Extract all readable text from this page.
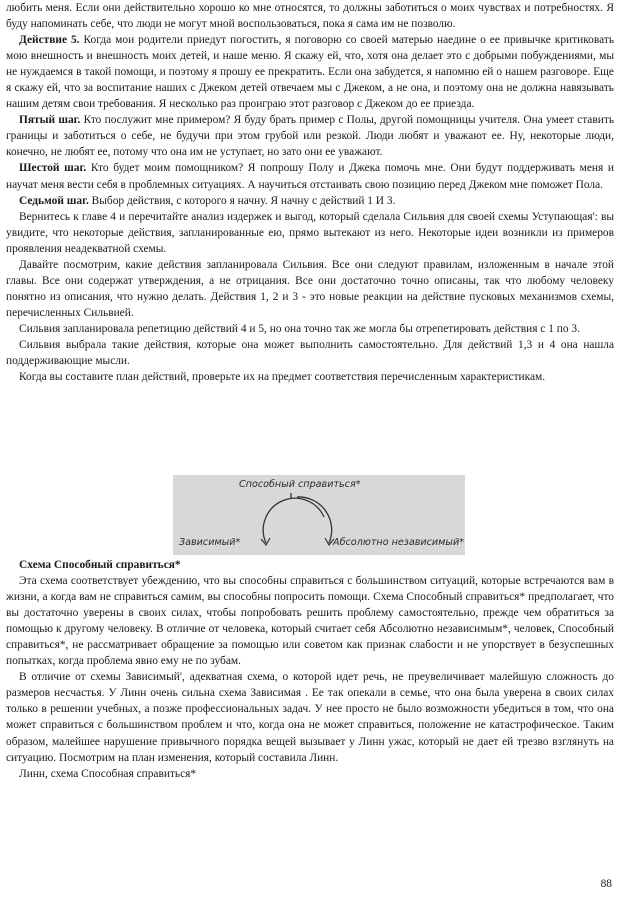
любить меня. Если они действительно хорошо ко мне относятся, то должны заботиться о моих чувствах и потребностях. Я буду напоминать себе, что люди не могут мной воспользоваться, пока я сама им не позволю.

Действие 5. Когда мои родители приедут погостить, я поговорю со своей матерью наедине о ее привычке критиковать мою внешность и внешность моих детей, и наше меню. Я скажу ей, что, хотя она делает это с добрыми побуждениями, мы не нуждаемся в такой помощи, и поэтому я прошу ее прекратить. Если она забудется, я напомню ей о нашем разговоре. Еще я скажу ей, что за воспитание наших с Джеком детей отвечаем мы с Джеком, а не она, и поэтому она не должна навязывать нашим детям свои требования. Я несколько раз проиграю этот разговор с Джеком до ее приезда.

Пятый шаг. Кто послужит мне примером? Я буду брать пример с Полы, другой помощницы учителя. Она умеет ставить границы и заботиться о себе, не будучи при этом грубой или резкой. Люди любят и уважают ее. Ну, некоторые люди, конечно, не любят ее, потому что она им не уступает, но зато они ее уважают.

Шестой шаг. Кто будет моим помощником? Я попрошу Полу и Джека помочь мне. Они будут поддерживать меня и научат меня вести себя в проблемных ситуациях. А научиться отстаивать свою позицию перед Джеком мне поможет Пола.

Седьмой шаг. Выбор действия, с которого я начну. Я начну с действий 1 И 3.

Вернитесь к главе 4 и перечитайте анализ издержек и выгод, который сделала Сильвия для своей схемы Уступающая': вы увидите, что некоторые действия, запланированные ею, прямо вытекают из него. Некоторые идеи возникли из примеров проявления неадекватной схемы.

Давайте посмотрим, какие действия запланировала Сильвия. Все они следуют правилам, изложенным в начале этой главы. Все они содержат утверждения, а не отрицания. Все они достаточно точно описаны, так что любому человеку понятно из описания, что нужно делать. Действия 1, 2 и 3 - это новые реакции на действие пусковых механизмов схемы, перечисленных Сильвией.

Сильвия запланировала репетицию действий 4 и 5, но она точно так же могла бы отрепетировать действия с 1 по 3.

Сильвия выбрала такие действия, которые она может выполнить самостоятельно. Для действий 1,3 и 4 она нашла поддерживающие мысли.

Когда вы составите план действий, проверьте их на предмет соответствия перечисленным характеристикам.

Способный справиться*
Зависимый*	Абсолютно независимый*

Схема Способный справиться*

Эта схема соответствует убеждению, что вы способны справиться с большинством ситуаций, которые встречаются вам в жизни, а когда вам не справиться самим, вы способны попросить помощи. Схема Способный справиться* предполагает, что вы достаточно уверены в своих силах, чтобы попробовать решить проблему самостоятельно, прежде чем обратиться за помощью к другому человеку. В отличие от человека, который считает себя Абсолютно независимым*, человек, Способный справиться*, не рассматривает обращение за помощью или советом как признак слабости и не упорствует в безуспешных попытках, когда проблема явно ему не по зубам.

В отличие от схемы Зависимый', адекватная схема, о которой идет речь, не преувеличивает малейшую сложность до размеров несчастья. У Линн очень сильна схема Зависимая . Ее так опекали в семье, что она была уверена в своих силах только в решении учебных, а позже профессиональных задач. У нее просто не было возможности убедиться в том, что она может справиться с большинством проблем и что, когда она не может справиться, положение не катастрофическое. Таким образом, малейшее нарушение привычного порядка вещей вызывает у Линн ужас, который не дает ей трезво взглянуть на ситуацию. Посмотрим на план изменения, который составила Линн.

Линн, схема Способная справиться*

88
